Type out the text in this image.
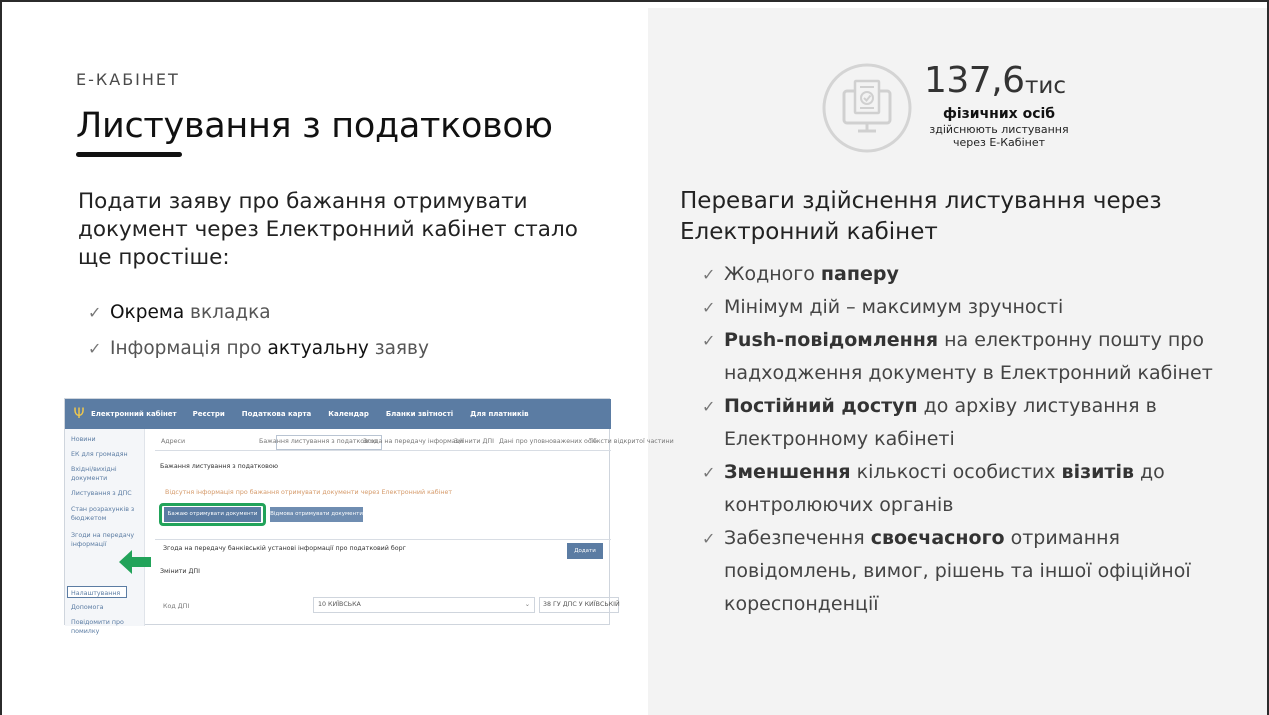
Е-КАБІНЕТ
Листування з податковою
Подати заяву про бажання отримувати документ через Електронний кабінет стало ще простіше:
✓ Окрема вкладка
✓ Інформація про актуальну заяву
Ψ Електронний кабінет Реєстри Податкова карта Календар Бланки звітності Для платників
Новини
ЕК для громадян
Вхідні/вихідні документи
Листування з ДПС
Стан розрахунків з бюджетом
Згоди на передачу інформації
Налаштування
Допомога
Повідомити про помилку
Адреси	Бажання листування з податковою
Згода на передачу інформації
Змінити ДПІ Дані про уповноважених осіб
Тексти відкритої частини
Бажання листування з податковою
Відсутня інформація про бажання отримувати документи через Електронний кабінет
Бажаю отримувати документи	Відмова отримувати документи
Згода на передачу банківській установі інформації про податковий борг	Додати
Змінити ДПІ
Код ДПІ	10 КИЇВСЬКА	⌄	38 ГУ ДПС У КИЇВСЬКІЙ
137,6 тис
фізичних осіб
здійснюють листування
через Е-Кабінет
Переваги здійснення листування через Електронний кабінет
✓ Жодного паперу
✓ Мінімум дій – максимум зручності
✓ Push-повідомлення на електронну пошту про надходження документу в Електронний кабінет
✓ Постійний доступ до архіву листування в Електронному кабінеті
✓ Зменшення кількості особистих візитів до контролюючих органів
✓ Забезпечення своєчасного отримання повідомлень, вимог, рішень та іншої офіційної кореспонденції
